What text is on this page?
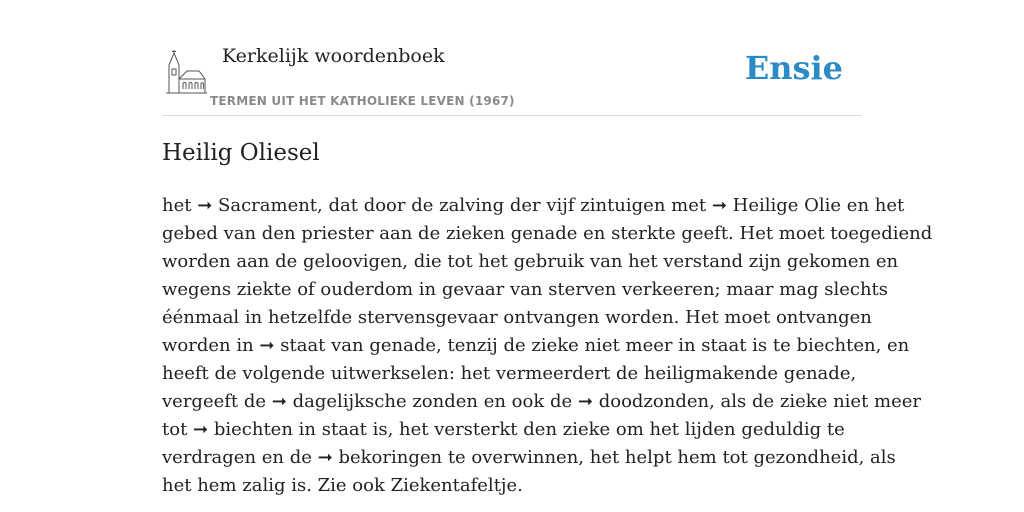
Kerkelijk woordenboek
TERMEN UIT HET KATHOLIEKE LEVEN (1967)
Ensie
Heilig Oliesel
het ➞ Sacrament, dat door de zalving der vijf zintuigen met ➞ Heilige Olie en het
gebed van den priester aan de zieken genade en sterkte geeft. Het moet toegediend
worden aan de geloovigen, die tot het gebruik van het verstand zijn gekomen en
wegens ziekte of ouderdom in gevaar van sterven verkeeren; maar mag slechts
éénmaal in hetzelfde stervensgevaar ontvangen worden. Het moet ontvangen
worden in ➞ staat van genade, tenzij de zieke niet meer in staat is te biechten, en
heeft de volgende uitwerkselen: het vermeerdert de heiligmakende genade,
vergeeft de ➞ dagelijksche zonden en ook de ➞ doodzonden, als de zieke niet meer
tot ➞ biechten in staat is, het versterkt den zieke om het lijden geduldig te
verdragen en de ➞ bekoringen te overwinnen, het helpt hem tot gezondheid, als
het hem zalig is. Zie ook Ziekentafeltje.
